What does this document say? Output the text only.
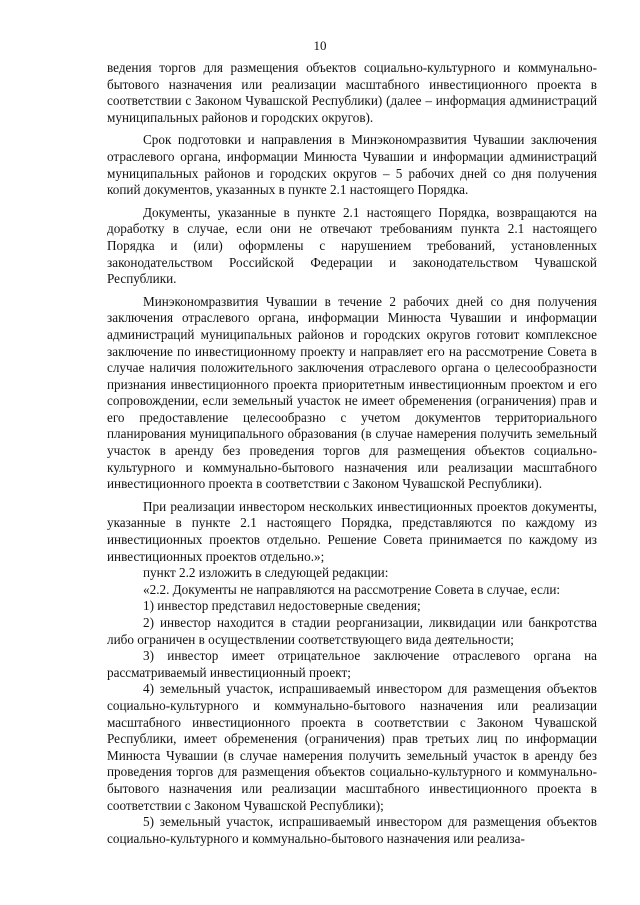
10

ведения торгов для размещения объектов социально-культурного и коммунально-бытового назначения или реализации масштабного инвестиционного проекта в соответствии с Законом Чувашской Республики) (далее – информация администраций муниципальных районов и городских округов).

Срок подготовки и направления в Минэкономразвития Чувашии заключения отраслевого органа, информации Минюста Чувашии и информации администраций муниципальных районов и городских округов – 5 рабочих дней со дня получения копий документов, указанных в пункте 2.1 настоящего Порядка.

Документы, указанные в пункте 2.1 настоящего Порядка, возвращаются на доработку в случае, если они не отвечают требованиям пункта 2.1 настоящего Порядка и (или) оформлены с нарушением требований, установленных законодательством Российской Федерации и законодательством Чувашской Республики.

Минэкономразвития Чувашии в течение 2 рабочих дней со дня получения заключения отраслевого органа, информации Минюста Чувашии и информации администраций муниципальных районов и городских округов готовит комплексное заключение по инвестиционному проекту и направляет его на рассмотрение Совета в случае наличия положительного заключения отраслевого органа о целесообразности признания инвестиционного проекта приоритетным инвестиционным проектом и его сопровождении, если земельный участок не имеет обременения (ограничения) прав и его предоставление целесообразно с учетом документов территориального планирования муниципального образования (в случае намерения получить земельный участок в аренду без проведения торгов для размещения объектов социально-культурного и коммунально-бытового назначения или реализации масштабного инвестиционного проекта в соответствии с Законом Чувашской Республики).

При реализации инвестором нескольких инвестиционных проектов документы, указанные в пункте 2.1 настоящего Порядка, представляются по каждому из инвестиционных проектов отдельно. Решение Совета принимается по каждому из инвестиционных проектов отдельно.»;

пункт 2.2 изложить в следующей редакции:

«2.2. Документы не направляются на рассмотрение Совета в случае, если:

1) инвестор представил недостоверные сведения;

2) инвестор находится в стадии реорганизации, ликвидации или банкротства либо ограничен в осуществлении соответствующего вида деятельности;

3) инвестор имеет отрицательное заключение отраслевого органа на рассматриваемый инвестиционный проект;

4) земельный участок, испрашиваемый инвестором для размещения объектов социально-культурного и коммунально-бытового назначения или реализации масштабного инвестиционного проекта в соответствии с Законом Чувашской Республики, имеет обременения (ограничения) прав третьих лиц по информации Минюста Чувашии (в случае намерения получить земельный участок в аренду без проведения торгов для размещения объектов социально-культурного и коммунально-бытового назначения или реализации масштабного инвестиционного проекта в соответствии с Законом Чувашской Республики);

5) земельный участок, испрашиваемый инвестором для размещения объектов социально-культурного и коммунально-бытового назначения или реализа-
